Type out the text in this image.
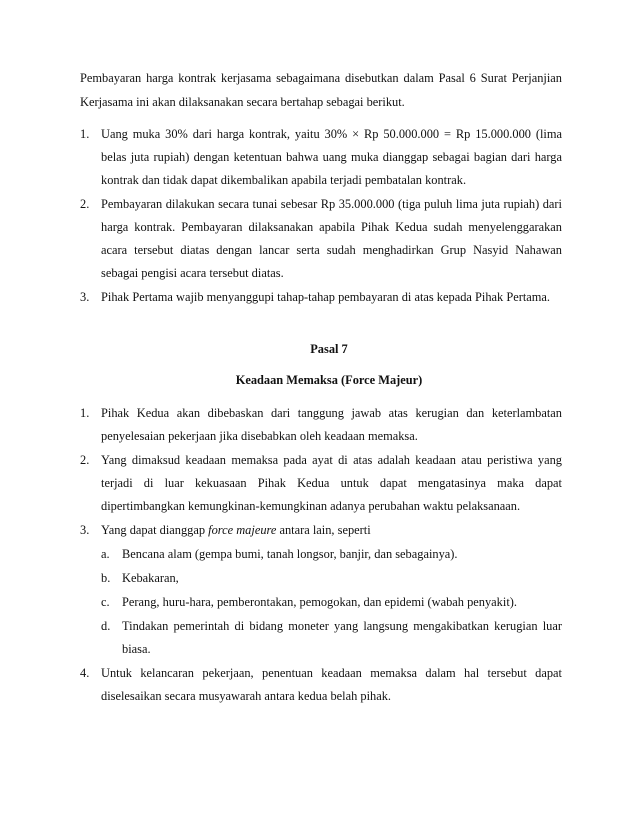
Pembayaran harga kontrak kerjasama sebagaimana disebutkan dalam Pasal 6 Surat Perjanjian Kerjasama ini akan dilaksanakan secara bertahap sebagai berikut.

1. Uang muka 30% dari harga kontrak, yaitu 30% × Rp 50.000.000 = Rp 15.000.000 (lima belas juta rupiah) dengan ketentuan bahwa uang muka dianggap sebagai bagian dari harga kontrak dan tidak dapat dikembalikan apabila terjadi pembatalan kontrak.
2. Pembayaran dilakukan secara tunai sebesar Rp 35.000.000 (tiga puluh lima juta rupiah) dari harga kontrak. Pembayaran dilaksanakan apabila Pihak Kedua sudah menyelenggarakan acara tersebut diatas dengan lancar serta sudah menghadirkan Grup Nasyid Nahawan sebagai pengisi acara tersebut diatas.
3. Pihak Pertama wajib menyanggupi tahap-tahap pembayaran di atas kepada Pihak Pertama.
Pasal 7
Keadaan Memaksa (Force Majeur)
1. Pihak Kedua akan dibebaskan dari tanggung jawab atas kerugian dan keterlambatan penyelesaian pekerjaan jika disebabkan oleh keadaan memaksa.
2. Yang dimaksud keadaan memaksa pada ayat di atas adalah keadaan atau peristiwa yang terjadi di luar kekuasaan Pihak Kedua untuk dapat mengatasinya maka dapat dipertimbangkan kemungkinan-kemungkinan adanya perubahan waktu pelaksanaan.
3. Yang dapat dianggap force majeure antara lain, seperti
a. Bencana alam (gempa bumi, tanah longsor, banjir, dan sebagainya).
b. Kebakaran,
c. Perang, huru-hara, pemberontakan, pemogokan, dan epidemi (wabah penyakit).
d. Tindakan pemerintah di bidang moneter yang langsung mengakibatkan kerugian luar biasa.
4. Untuk kelancaran pekerjaan, penentuan keadaan memaksa dalam hal tersebut dapat diselesaikan secara musyawarah antara kedua belah pihak.
